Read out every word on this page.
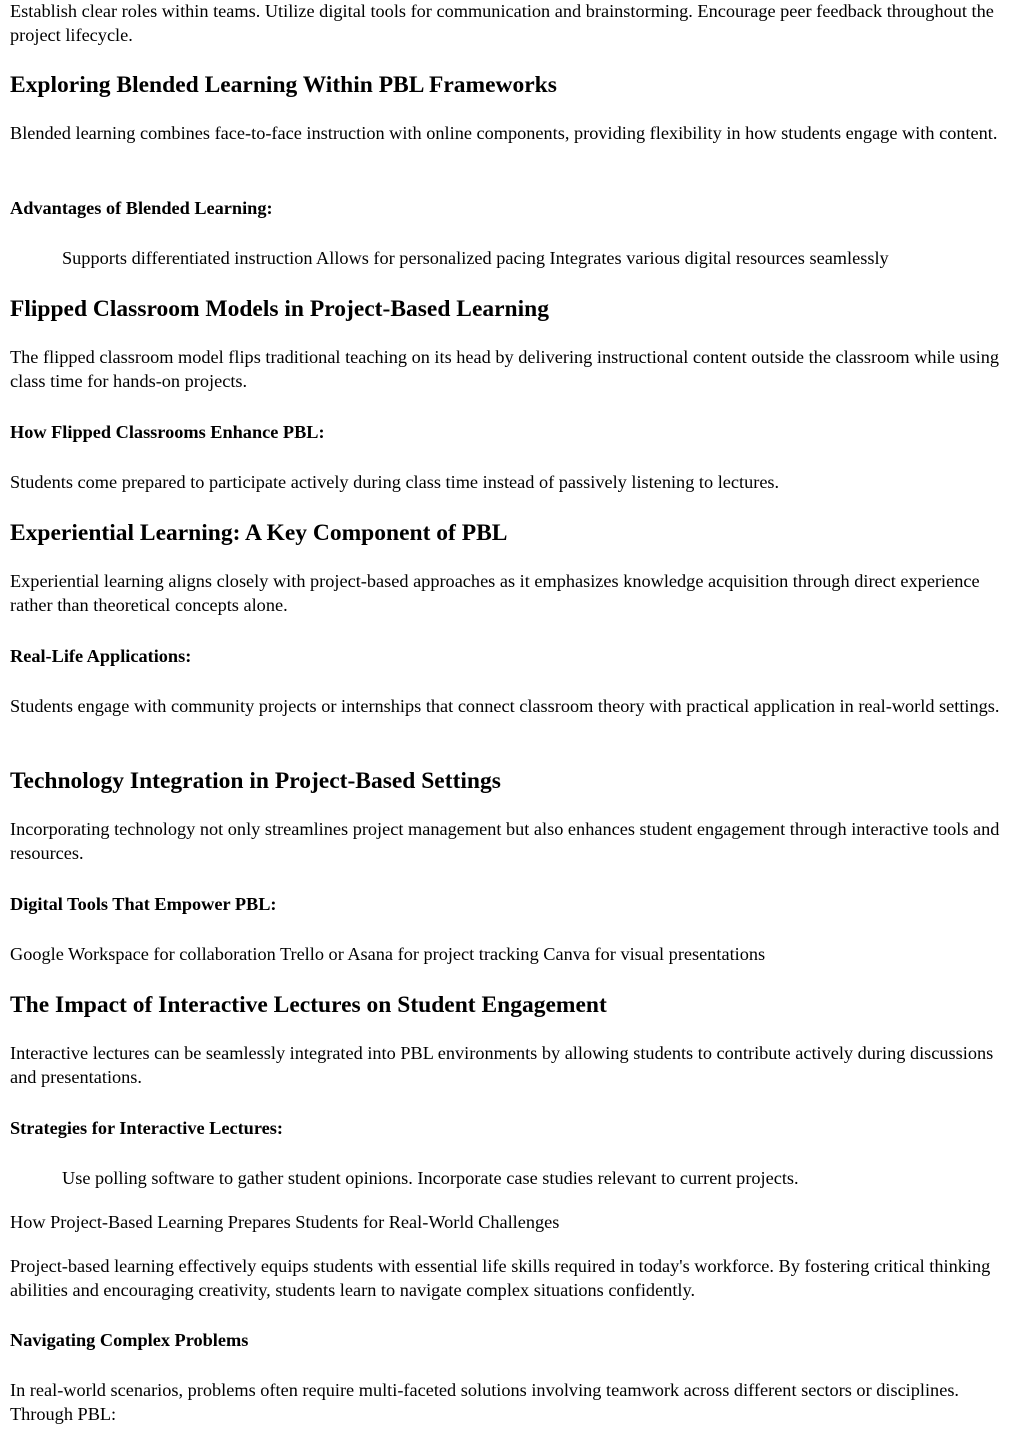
Establish clear roles within teams. Utilize digital tools for communication and brainstorming. Encourage peer feedback throughout the project lifecycle.

Exploring Blended Learning Within PBL Frameworks

Blended learning combines face-to-face instruction with online components, providing flexibility in how students engage with content.

Advantages of Blended Learning:

Supports differentiated instruction Allows for personalized pacing Integrates various digital resources seamlessly

Flipped Classroom Models in Project-Based Learning

The flipped classroom model flips traditional teaching on its head by delivering instructional content outside the classroom while using class time for hands-on projects.

How Flipped Classrooms Enhance PBL:

Students come prepared to participate actively during class time instead of passively listening to lectures.

Experiential Learning: A Key Component of PBL

Experiential learning aligns closely with project-based approaches as it emphasizes knowledge acquisition through direct experience rather than theoretical concepts alone.

Real-Life Applications:

Students engage with community projects or internships that connect classroom theory with practical application in real-world settings.

Technology Integration in Project-Based Settings

Incorporating technology not only streamlines project management but also enhances student engagement through interactive tools and resources.

Digital Tools That Empower PBL:

Google Workspace for collaboration Trello or Asana for project tracking Canva for visual presentations

The Impact of Interactive Lectures on Student Engagement

Interactive lectures can be seamlessly integrated into PBL environments by allowing students to contribute actively during discussions and presentations.

Strategies for Interactive Lectures:

Use polling software to gather student opinions. Incorporate case studies relevant to current projects.

How Project-Based Learning Prepares Students for Real-World Challenges

Project-based learning effectively equips students with essential life skills required in today's workforce. By fostering critical thinking abilities and encouraging creativity, students learn to navigate complex situations confidently.

Navigating Complex Problems

In real-world scenarios, problems often require multi-faceted solutions involving teamwork across different sectors or disciplines. Through PBL:
